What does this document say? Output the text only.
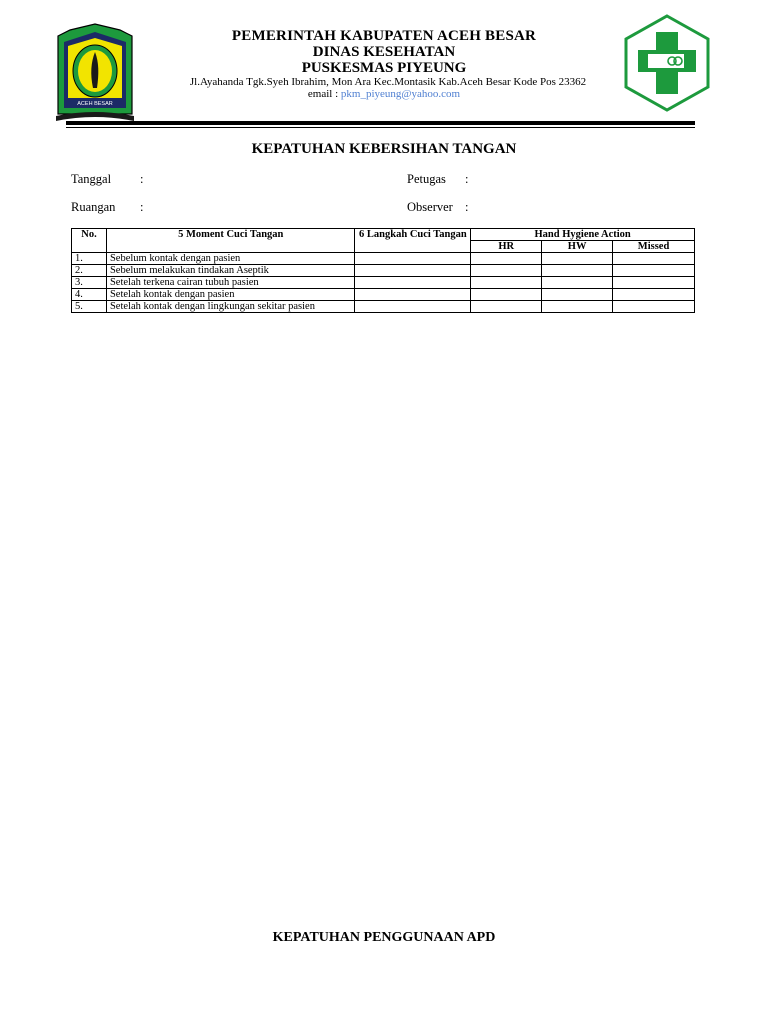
ACEH BESAR
PEMERINTAH KABUPATEN ACEH BESAR
DINAS KESEHATAN
PUSKESMAS PIYEUNG
Jl.Ayahanda Tgk.Syeh Ibrahim, Mon Ara Kec.Montasik Kab.Aceh Besar Kode Pos 23362
email : pkm_piyeung@yahoo.com
KEPATUHAN KEBERSIHAN TANGAN
Tanggal :
Ruangan :
Petugas :
Observer :
No.	5 Moment Cuci Tangan	6 Langkah Cuci Tangan	Hand Hygiene Action		
			HR	HW	Missed
1.	Sebelum kontak dengan pasien				
2.	Sebelum melakukan tindakan Aseptik				
3.	Setelah terkena cairan tubuh pasien				
4.	Setelah kontak dengan pasien				
5.	Setelah kontak dengan lingkungan sekitar pasien				
KEPATUHAN PENGGUNAAN APD
